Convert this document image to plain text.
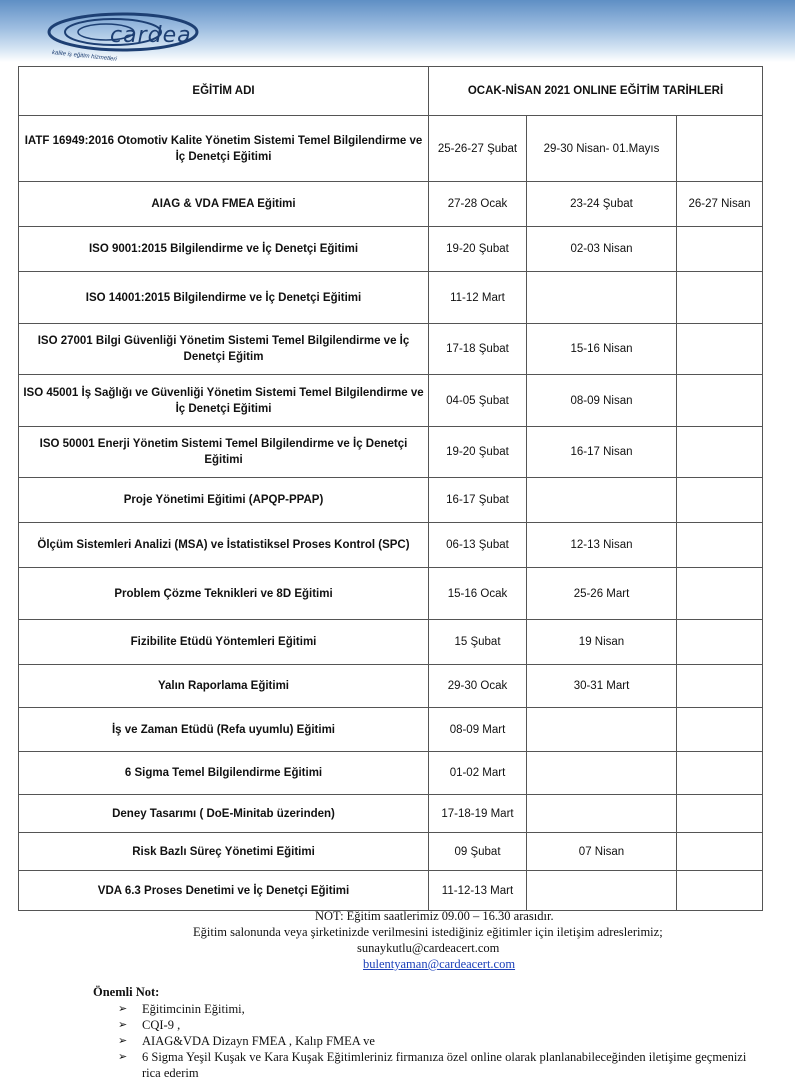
cardea
kalite iş eğitim hizmetleri
EĞİTİM ADI	OCAK-NİSAN 2021 ONLINE EĞİTİM TARİHLERİ		
IATF 16949:2016 Otomotiv Kalite Yönetim Sistemi Temel Bilgilendirme ve İç Denetçi Eğitimi	25-26-27 Şubat	29-30 Nisan- 01.Mayıs	
AIAG & VDA FMEA Eğitimi	27-28 Ocak	23-24 Şubat	26-27 Nisan
ISO 9001:2015 Bilgilendirme ve İç Denetçi Eğitimi	19-20 Şubat	02-03 Nisan	
ISO 14001:2015 Bilgilendirme ve İç Denetçi Eğitimi	11-12 Mart		
ISO 27001 Bilgi Güvenliği Yönetim Sistemi Temel Bilgilendirme ve İç Denetçi Eğitim	17-18 Şubat	15-16 Nisan	
ISO 45001 İş Sağlığı ve Güvenliği Yönetim Sistemi Temel Bilgilendirme ve İç Denetçi Eğitimi	04-05 Şubat	08-09 Nisan	
ISO 50001 Enerji Yönetim Sistemi Temel Bilgilendirme ve İç Denetçi Eğitimi	19-20 Şubat	16-17 Nisan	
Proje Yönetimi Eğitimi (APQP-PPAP)	16-17 Şubat		
Ölçüm Sistemleri Analizi (MSA) ve İstatistiksel Proses Kontrol (SPC)	06-13 Şubat	12-13 Nisan	
Problem Çözme Teknikleri ve 8D Eğitimi	15-16 Ocak	25-26 Mart	
Fizibilite Etüdü Yöntemleri Eğitimi	15 Şubat	19 Nisan	
Yalın Raporlama Eğitimi	29-30 Ocak	30-31 Mart	
İş ve Zaman Etüdü (Refa uyumlu) Eğitimi	08-09 Mart		
6 Sigma Temel Bilgilendirme Eğitimi	01-02 Mart		
Deney Tasarımı ( DoE-Minitab üzerinden)	17-18-19 Mart		
Risk Bazlı Süreç Yönetimi Eğitimi	09 Şubat	07 Nisan	
VDA 6.3 Proses Denetimi ve İç Denetçi Eğitimi	11-12-13 Mart		
NOT: Eğitim saatlerimiz 09.00 – 16.30 arasıdır.
Eğitim salonunda veya şirketinizde verilmesini istediğiniz eğitimler için iletişim adreslerimiz;
sunaykutlu@cardeacert.com
bulentyaman@cardeacert.com
Önemli Not:
➢ Eğitimcinin Eğitimi,
➢ CQI-9 ,
➢ AIAG&VDA Dizayn FMEA , Kalıp FMEA ve
➢ 6 Sigma Yeşil Kuşak ve Kara Kuşak Eğitimleriniz firmanıza özel online olarak planlanabileceğinden iletişime geçmenizi rica ederim
